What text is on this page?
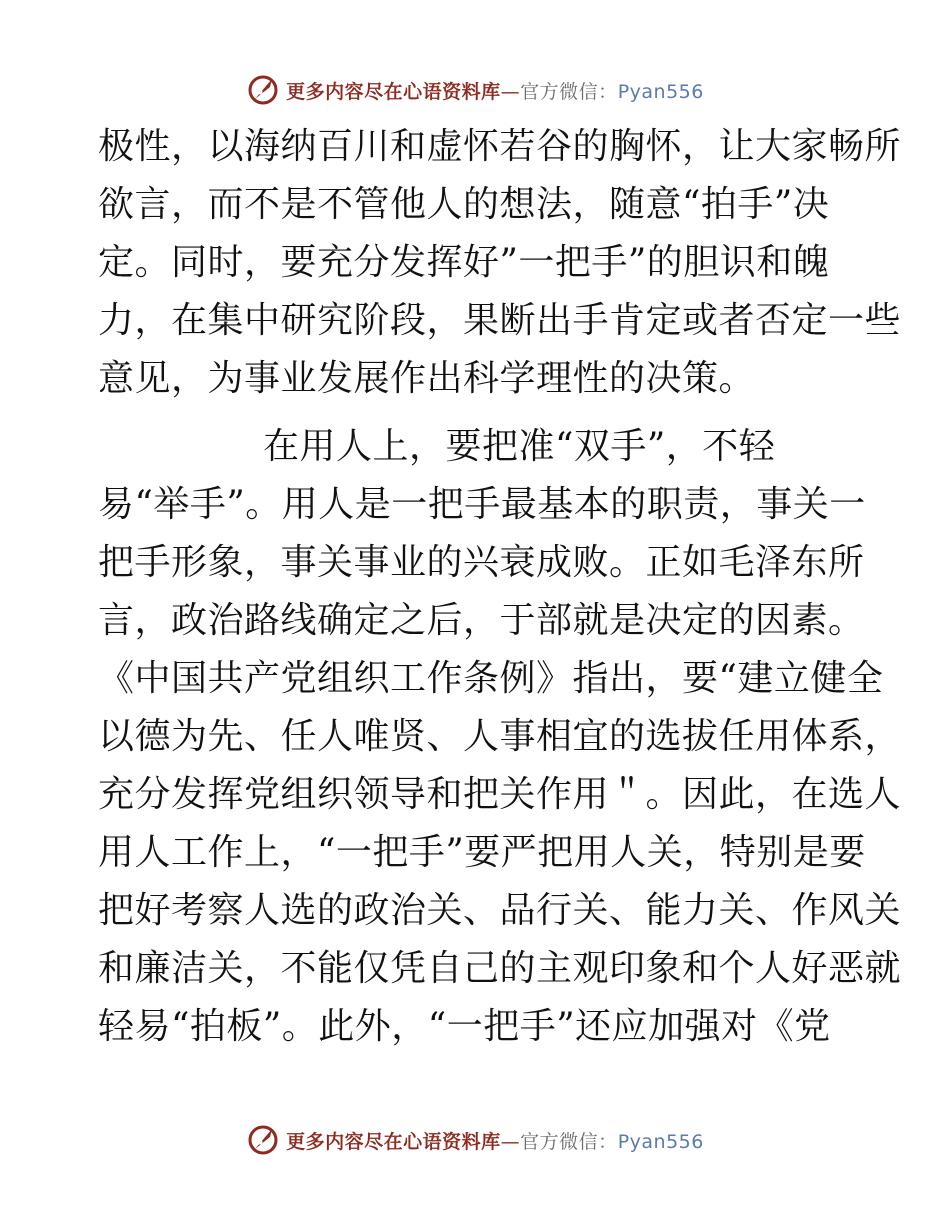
更多内容尽在心语资料库—官方微信：Pyan556
极性，以海纳百川和虚怀若谷的胸怀，让大家畅所
欲言，而不是不管他人的想法，随意“拍手”决
定。同时，要充分发挥好”一把手”的胆识和魄
力，在集中研究阶段，果断出手肯定或者否定一些
意见，为事业发展作出科学理性的决策。
在用人上，要把准“双手”，不轻
易“举手”。用人是一把手最基本的职责，事关一
把手形象，事关事业的兴衰成败。正如毛泽东所
言，政治路线确定之后，于部就是决定的因素。
《中国共产党组织工作条例》指出，要“建立健全
以德为先、任人唯贤、人事相宜的选拔任用体系，
充分发挥党组织领导和把关作用＂。因此，在选人
用人工作上，“一把手”要严把用人关，特别是要
把好考察人选的政治关、品行关、能力关、作风关
和廉洁关，不能仅凭自己的主观印象和个人好恶就
轻易“拍板”。此外，“一把手”还应加强对《党
更多内容尽在心语资料库—官方微信：Pyan556
